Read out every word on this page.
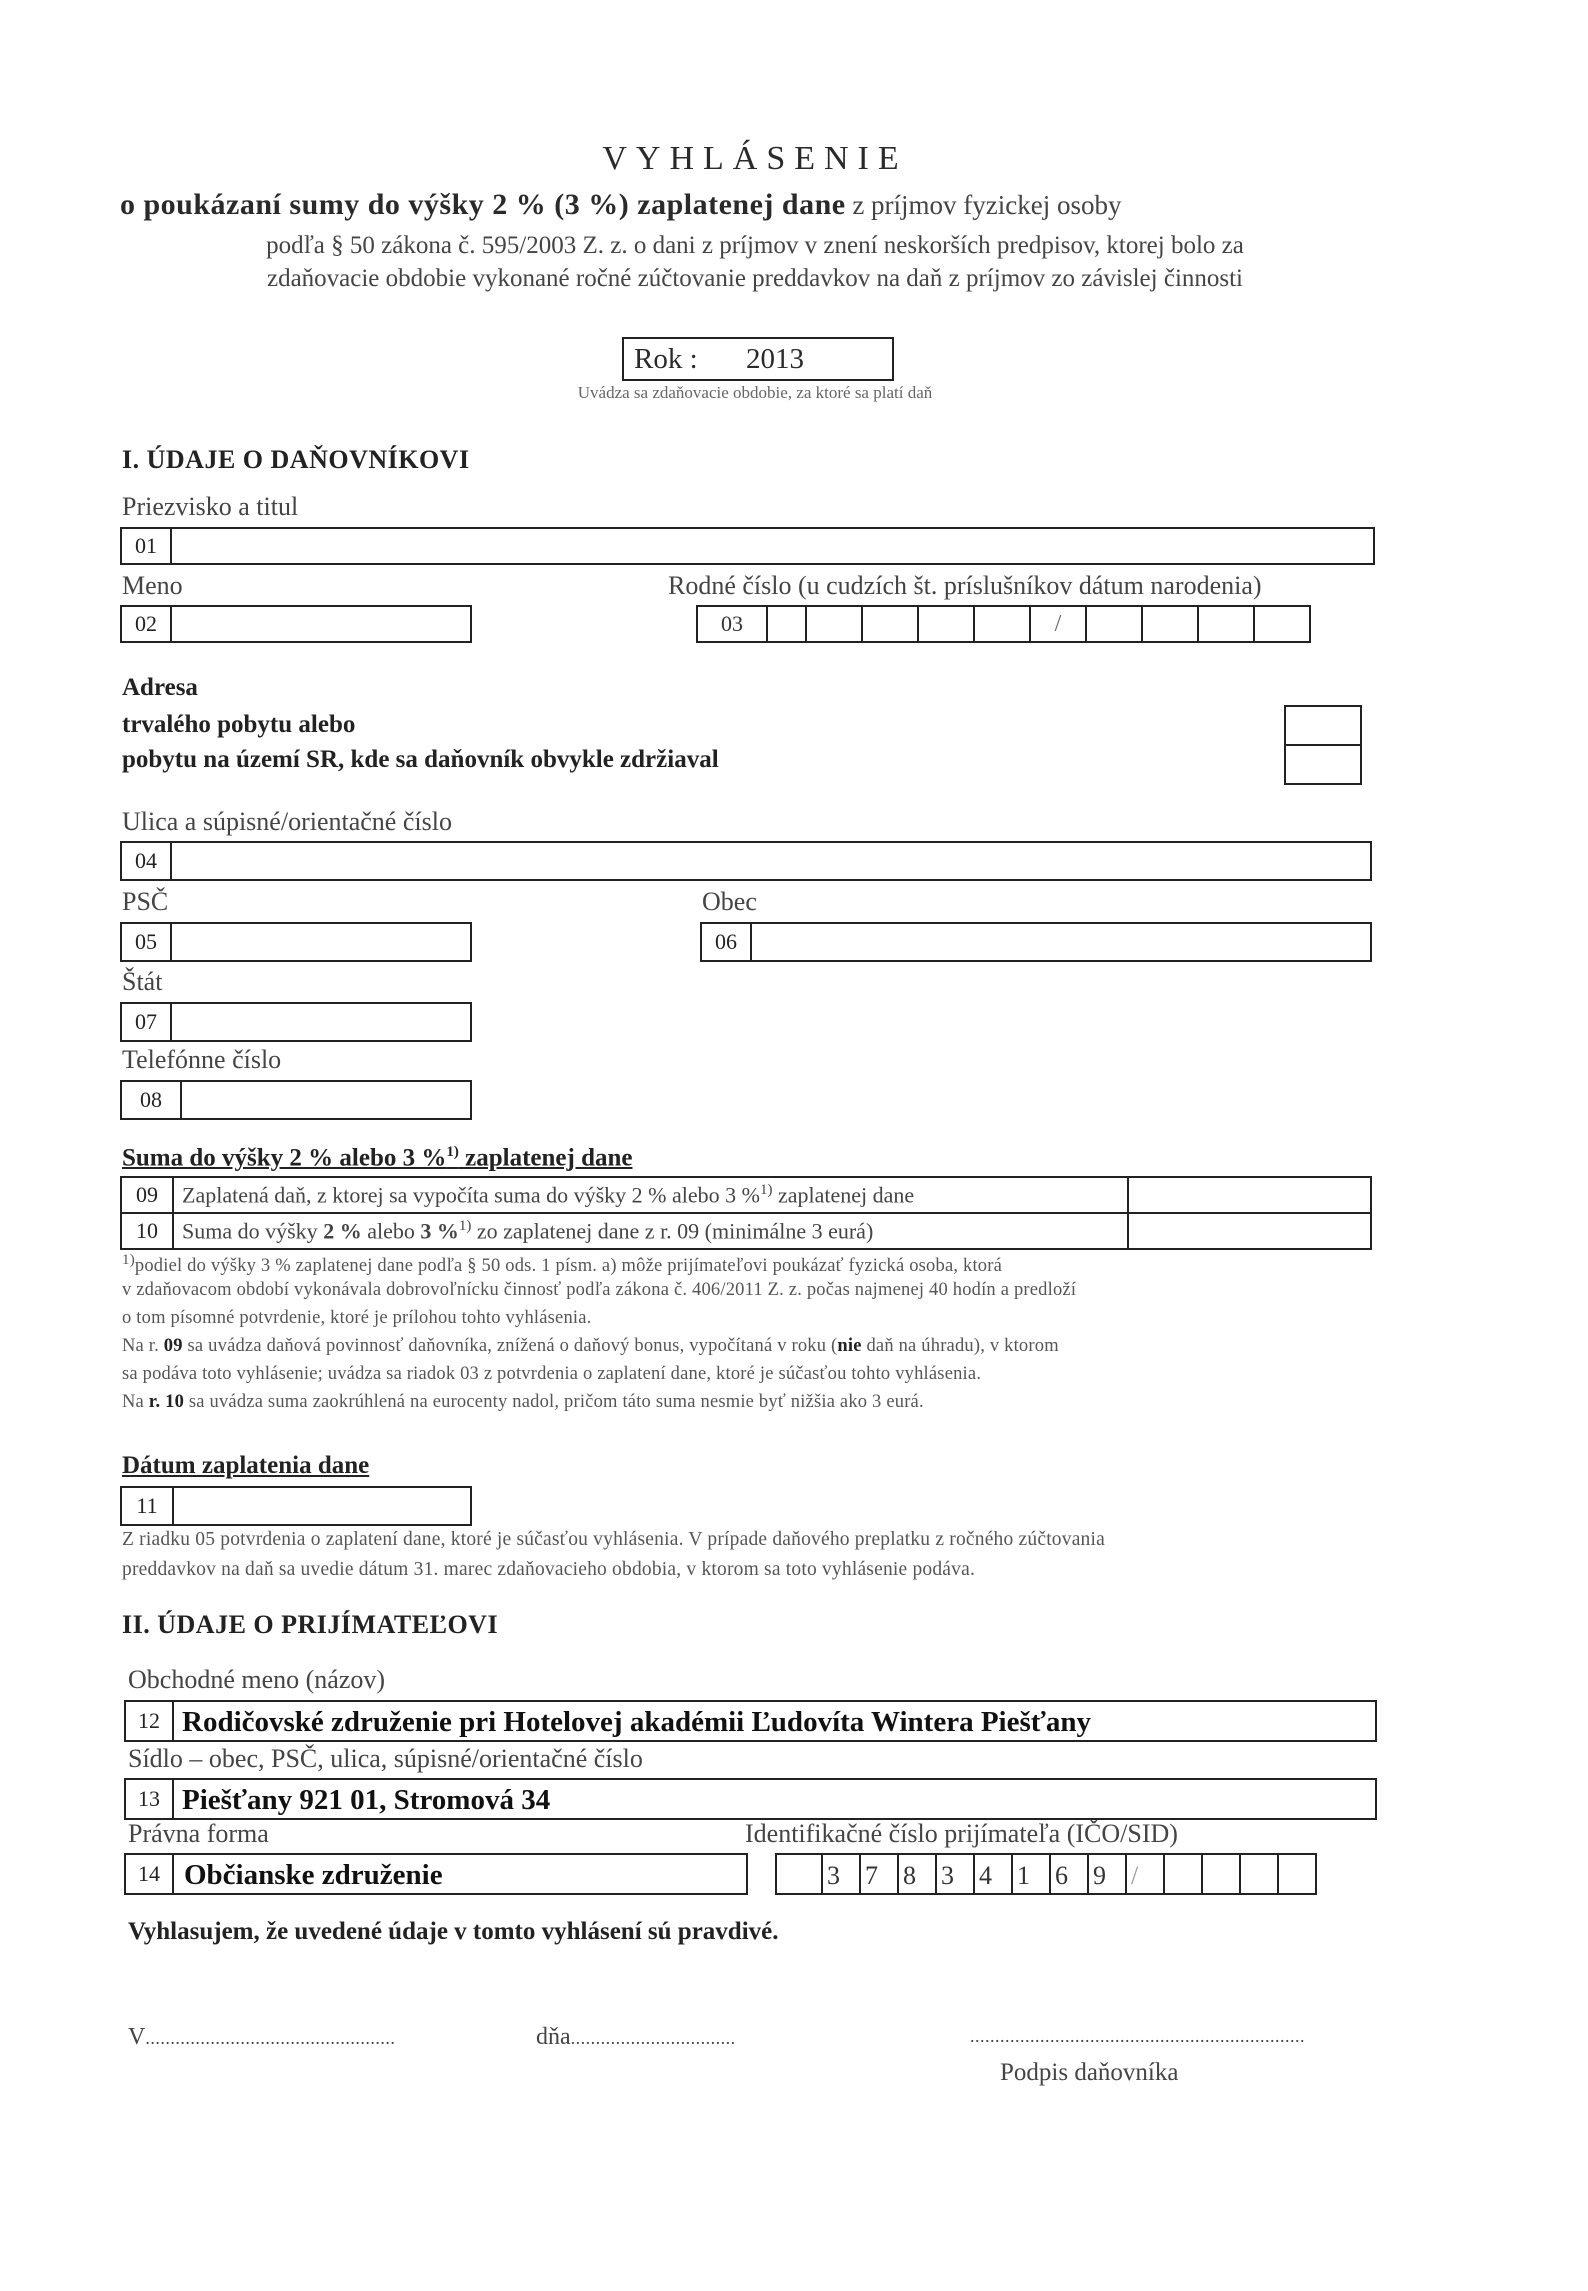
VYHLÁSENIE
o poukázaní sumy do výšky 2 % (3 %) zaplatenej dane z príjmov fyzickej osoby
podľa § 50 zákona č. 595/2003 Z. z. o dani z príjmov v znení neskorších predpisov, ktorej bolo za
zdaňovacie obdobie vykonané ročné zúčtovanie preddavkov na daň z príjmov zo závislej činnosti
Rok : 2013
Uvádza sa zdaňovacie obdobie, za ktoré sa platí daň
I. ÚDAJE O DAŇOVNÍKOVI
Priezvisko a titul
01
Meno
02
Rodné číslo (u cudzích št. príslušníkov dátum narodenia)
03	/
Adresa
trvalého pobytu alebo
pobytu na území SR, kde sa daňovník obvykle zdržiaval
Ulica a súpisné/orientačné číslo
04
PSČ
05
Obec
06
Štát
07
Telefónne číslo
08
Suma do výšky 2 % alebo 3 %$^{1)}$ zaplatenej dane
09	Zaplatená daň, z ktorej sa vypočíta suma do výšky 2 % alebo 3 %$^{1)}$ zaplatenej dane
10	Suma do výšky 2 % alebo 3 %$^{1)}$ zo zaplatenej dane z r. 09 (minimálne 3 eurá)
$^{1)}$podiel do výšky 3 % zaplatenej dane podľa § 50 ods. 1 písm. a) môže prijímateľovi poukázať fyzická osoba, ktorá
v zdaňovacom období vykonávala dobrovoľnícku činnosť podľa zákona č. 406/2011 Z. z. počas najmenej 40 hodín a predloží
o tom písomné potvrdenie, ktoré je prílohou tohto vyhlásenia.
Na r. 09 sa uvádza daňová povinnosť daňovníka, znížená o daňový bonus, vypočítaná v roku (nie daň na úhradu), v ktorom
sa podáva toto vyhlásenie; uvádza sa riadok 03 z potvrdenia o zaplatení dane, ktoré je súčasťou tohto vyhlásenia.
Na r. 10 sa uvádza suma zaokrúhlená na eurocenty nadol, pričom táto suma nesmie byť nižšia ako 3 eurá.
Dátum zaplatenia dane
11
Z riadku 05 potvrdenia o zaplatení dane, ktoré je súčasťou vyhlásenia. V prípade daňového preplatku z ročného zúčtovania
preddavkov na daň sa uvedie dátum 31. marec zdaňovacieho obdobia, v ktorom sa toto vyhlásenie podáva.
II. ÚDAJE O PRIJÍMATEĽOVI
Obchodné meno (názov)
12 Rodičovské združenie pri Hotelovej akadémii Ľudovíta Wintera Piešťany
Sídlo – obec, PSČ, ulica, súpisné/orientačné číslo
13 Piešťany 921 01, Stromová 34
Právna forma	Identifikačné číslo prijímateľa (IČO/SID)
14 Občianske združenie	3 7 8 3 4 1 6 9 /
Vyhlasujem, že uvedené údaje v tomto vyhlásení sú pravdivé.
V..................................................	dňa.................................	...................................................................
Podpis daňovníka
